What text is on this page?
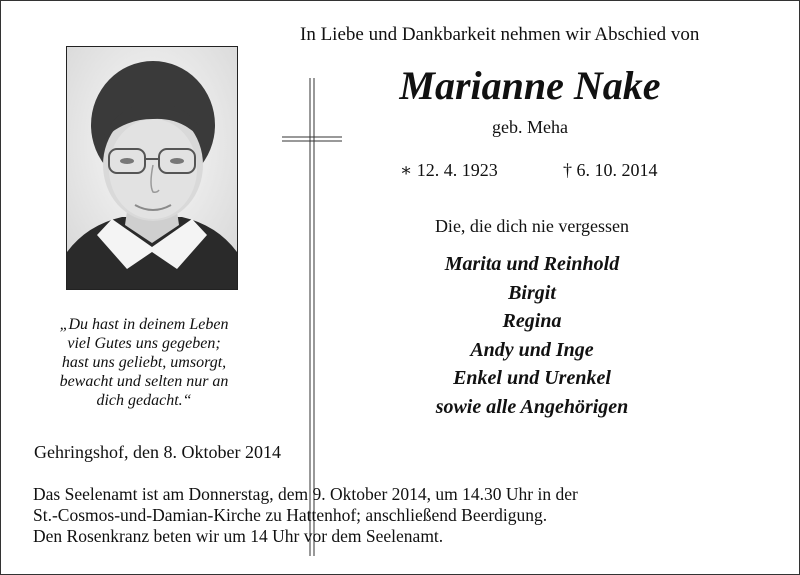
In Liebe und Dankbarkeit nehmen wir Abschied von
Marianne Nake
geb. Meha
∗ 12. 4. 1923	† 6. 10. 2014
Die, die dich nie vergessen
Marita und Reinhold
Birgit
Regina
Andy und Inge
Enkel und Urenkel
sowie alle Angehörigen
„Du hast in deinem Leben
viel Gutes uns gegeben;
hast uns geliebt, umsorgt,
bewacht und selten nur an
dich gedacht.“
Gehringshof, den 8. Oktober 2014
Das Seelenamt ist am Donnerstag, dem 9. Oktober 2014, um 14.30 Uhr in der
St.-Cosmos-und-Damian-Kirche zu Hattenhof; anschließend Beerdigung.
Den Rosenkranz beten wir um 14 Uhr vor dem Seelenamt.
